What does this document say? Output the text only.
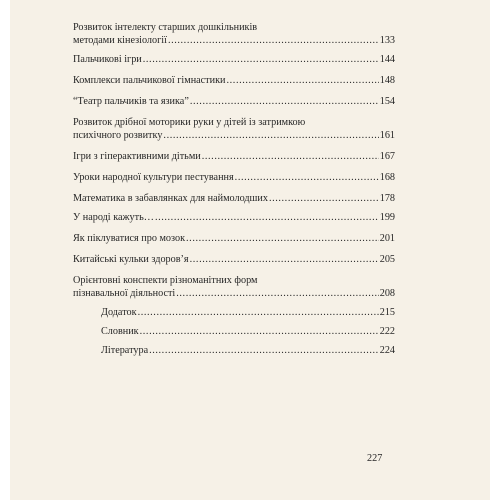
Розвиток інтелекту старших дошкільників
методами кінезіології .....	133
Пальчикові ігри .....	144
Комплекси пальчикової гімнастики .....	148
“Театр пальчиків та язика” .....	154
Розвиток дрібної моторики руки у дітей із затримкою
психічного розвитку .....	161
Ігри з гіперактивними дітьми .....	167
Уроки народної культури пестування .....	168
Математика в забавлянках для наймолодших .....	178
У народі кажуть… .....	199
Як піклуватися про мозок .....	201
Китайські кульки здоров’я .....	205
Орієнтовні конспекти різноманітних форм
пізнавальної діяльності .....	208
Додаток .....	215
Словник .....	222
Література .....	224
227
